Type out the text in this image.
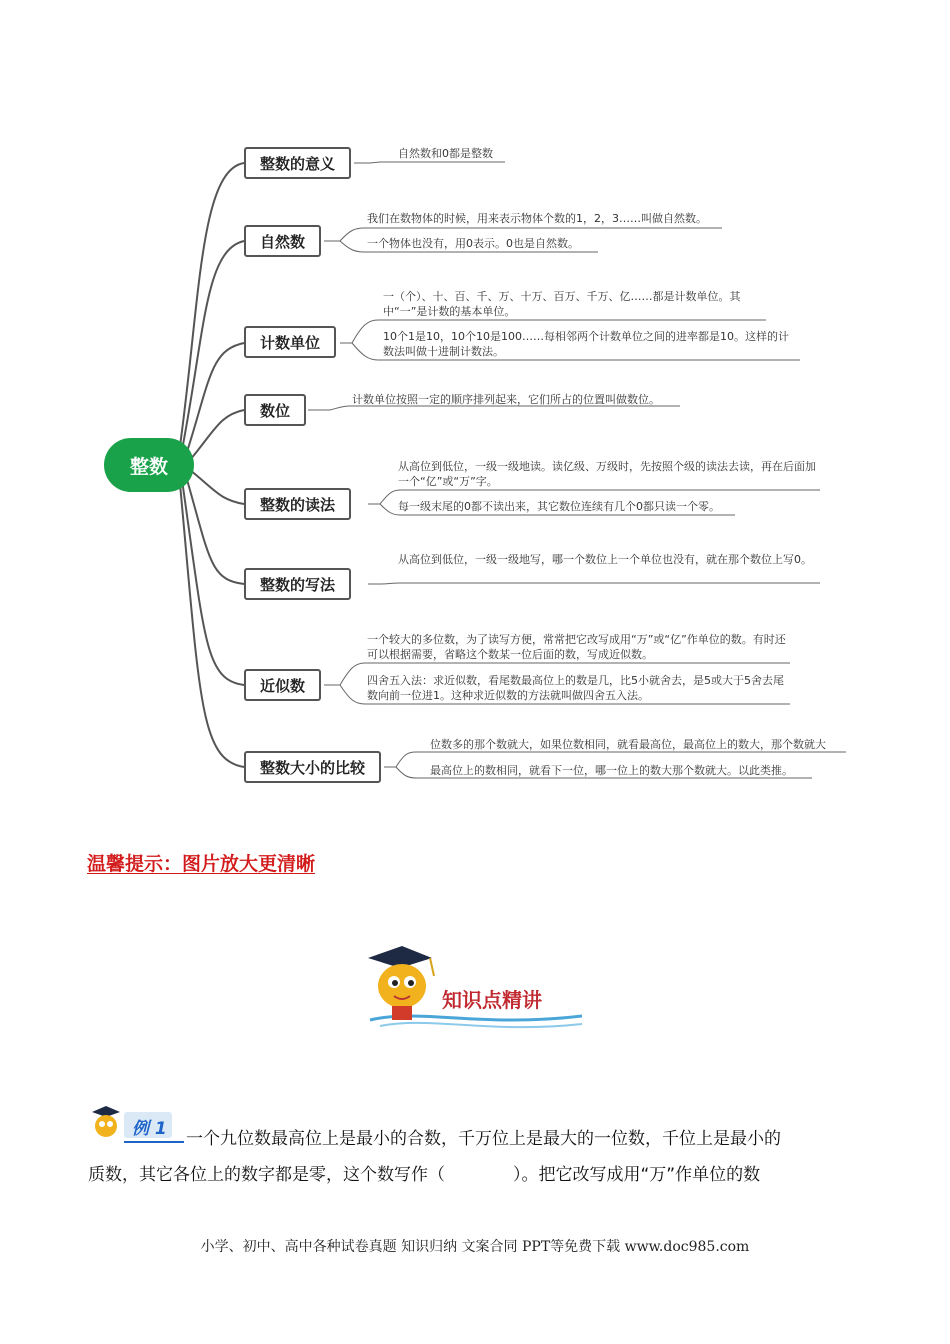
整数
整数的意义
自然数
计数单位
数位
整数的读法
整数的写法
近似数
整数大小的比较
自然数和0都是整数
我们在数物体的时候，用来表示物体个数的1，2，3……叫做自然数。
一个物体也没有，用0表示。0也是自然数。
一（个）、十、百、千、万、十万、百万、千万、亿……都是计数单位。其中“一”是计数的基本单位。
10个1是10，10个10是100……每相邻两个计数单位之间的进率都是10。这样的计数法叫做十进制计数法。
计数单位按照一定的顺序排列起来，它们所占的位置叫做数位。
从高位到低位，一级一级地读。读亿级、万级时，先按照个级的读法去读，再在后面加一个“亿”或“万”字。
每一级末尾的0都不读出来，其它数位连续有几个0都只读一个零。
从高位到低位，一级一级地写，哪一个数位上一个单位也没有，就在那个数位上写0。
一个较大的多位数，为了读写方便，常常把它改写成用“万”或“亿”作单位的数。有时还可以根据需要，省略这个数某一位后面的数，写成近似数。
四舍五入法：求近似数，看尾数最高位上的数是几，比5小就舍去，是5或大于5舍去尾数向前一位进1。这种求近似数的方法就叫做四舍五入法。
位数多的那个数就大，如果位数相同，就看最高位，最高位上的数大，那个数就大
最高位上的数相同，就看下一位，哪一位上的数大那个数就大。以此类推。
温馨提示：图片放大更清晰
知识点精讲
例 1 一个九位数最高位上是最小的合数，千万位上是最大的一位数，千位上是最小的
质数，其它各位上的数字都是零，这个数写作（　　　　）。把它改写成用“万”作单位的数
小学、初中、高中各种试卷真题 知识归纳 文案合同 PPT等免费下载 www.doc985.com
